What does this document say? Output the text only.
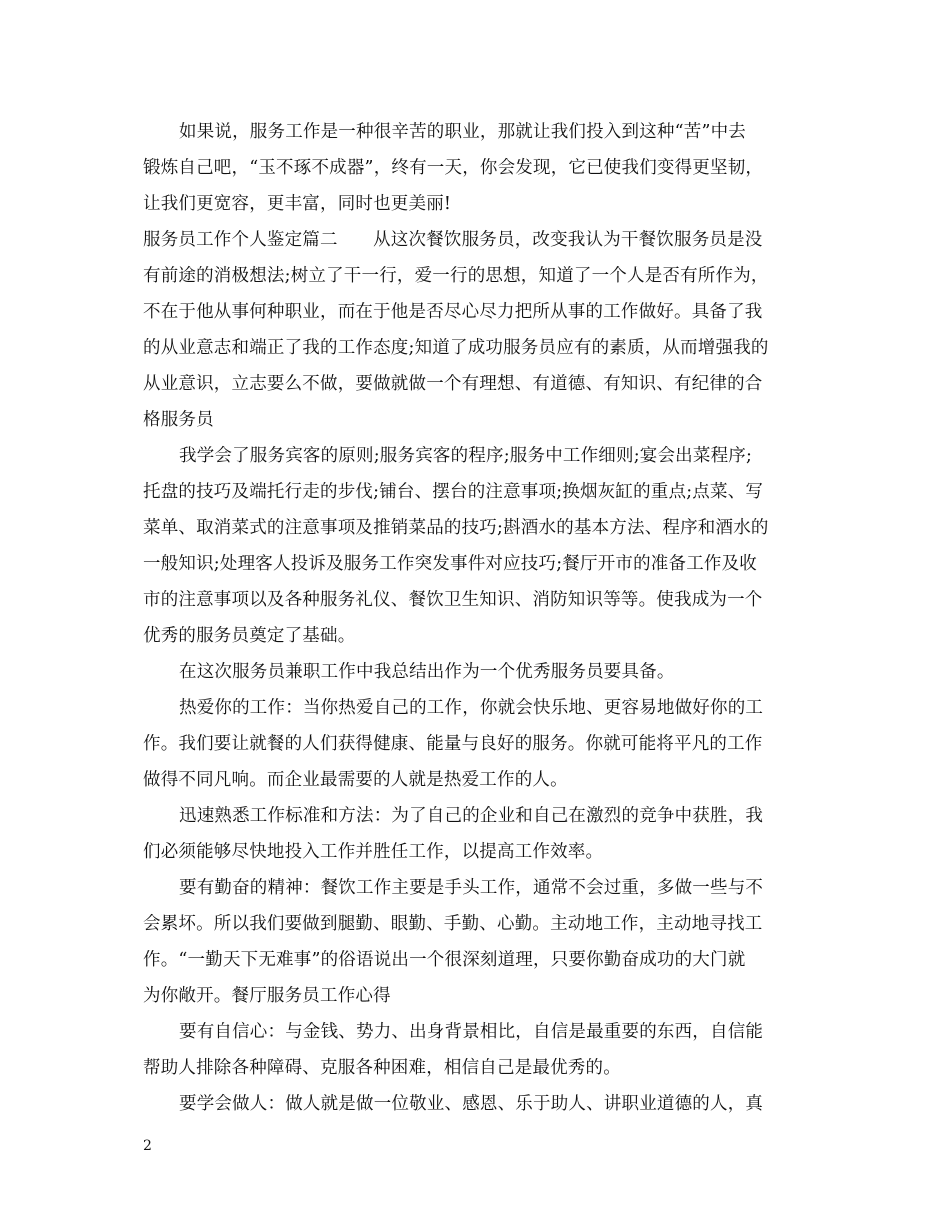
如果说，服务工作是一种很辛苦的职业，那就让我们投入到这种“苦”中去
锻炼自己吧，“玉不琢不成器”，终有一天，你会发现，它已使我们变得更坚韧，
让我们更宽容，更丰富，同时也更美丽!
服务员工作个人鉴定篇二　　从这次餐饮服务员，改变我认为干餐饮服务员是没
有前途的消极想法;树立了干一行，爱一行的思想，知道了一个人是否有所作为，
不在于他从事何种职业，而在于他是否尽心尽力把所从事的工作做好。具备了我
的从业意志和端正了我的工作态度;知道了成功服务员应有的素质，从而增强我的
从业意识，立志要么不做，要做就做一个有理想、有道德、有知识、有纪律的合
格服务员
我学会了服务宾客的原则;服务宾客的程序;服务中工作细则;宴会出菜程序;
托盘的技巧及端托行走的步伐;铺台、摆台的注意事项;换烟灰缸的重点;点菜、写
菜单、取消菜式的注意事项及推销菜品的技巧;斟酒水的基本方法、程序和酒水的
一般知识;处理客人投诉及服务工作突发事件对应技巧;餐厅开市的准备工作及收
市的注意事项以及各种服务礼仪、餐饮卫生知识、消防知识等等。使我成为一个
优秀的服务员奠定了基础。
在这次服务员兼职工作中我总结出作为一个优秀服务员要具备。
热爱你的工作：当你热爱自己的工作，你就会快乐地、更容易地做好你的工
作。我们要让就餐的人们获得健康、能量与良好的服务。你就可能将平凡的工作
做得不同凡响。而企业最需要的人就是热爱工作的人。
迅速熟悉工作标准和方法：为了自己的企业和自己在激烈的竞争中获胜，我
们必须能够尽快地投入工作并胜任工作，以提高工作效率。
要有勤奋的精神：餐饮工作主要是手头工作，通常不会过重，多做一些与不
会累坏。所以我们要做到腿勤、眼勤、手勤、心勤。主动地工作，主动地寻找工
作。“一勤天下无难事”的俗语说出一个很深刻道理，只要你勤奋成功的大门就
为你敞开。餐厅服务员工作心得
要有自信心：与金钱、势力、出身背景相比，自信是最重要的东西，自信能
帮助人排除各种障碍、克服各种困难，相信自己是最优秀的。
要学会做人：做人就是做一位敬业、感恩、乐于助人、讲职业道德的人，真
2
